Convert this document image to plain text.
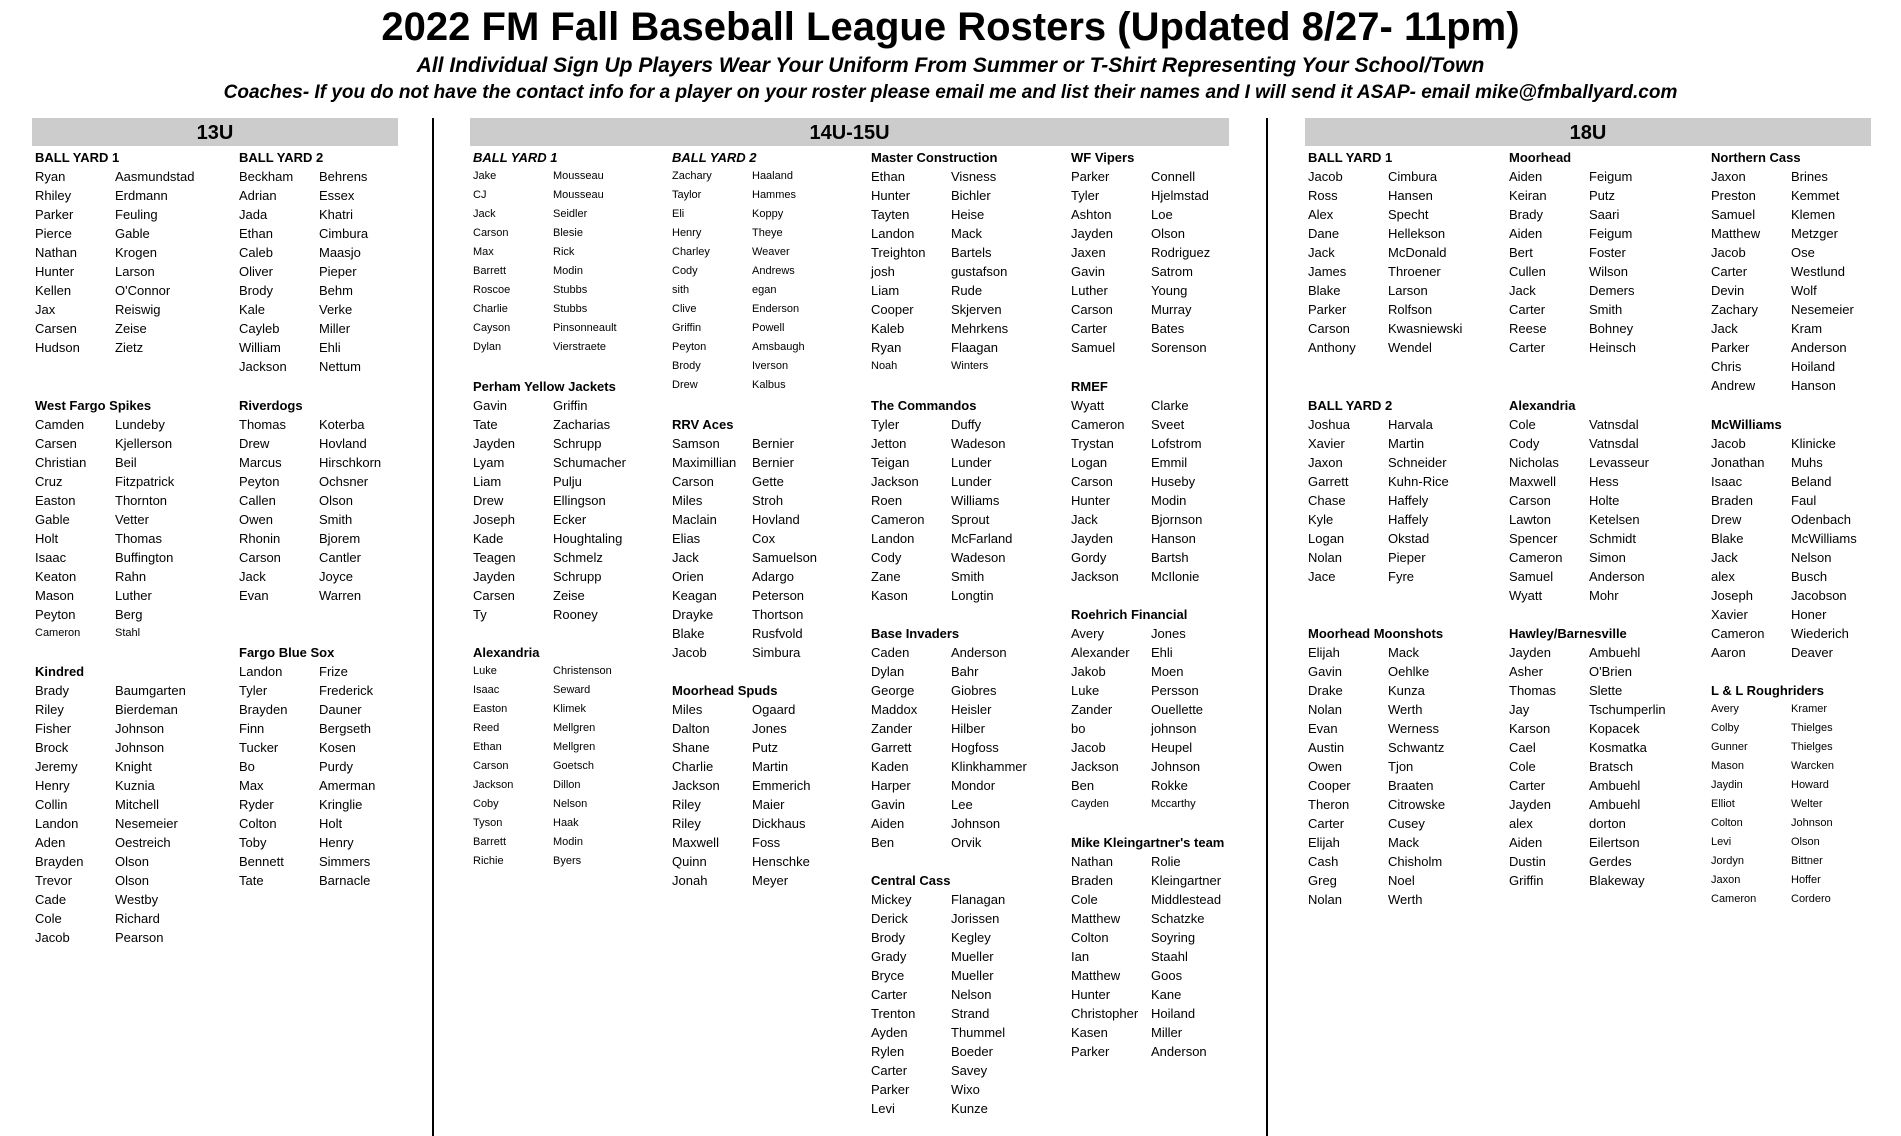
2022 FM Fall Baseball League Rosters (Updated 8/27- 11pm)
All Individual Sign Up Players Wear Your Uniform From Summer or T-Shirt Representing Your School/Town
Coaches- If you do not have the contact info for a player on your roster please email me and list their names and I will send it ASAP- email mike@fmballyard.com
13U	14U-15U	18U
BALL YARD 1
Ryan	Aasmundstad
Rhiley	Erdmann
Parker	Feuling
Pierce	Gable
Nathan	Krogen
Hunter	Larson
Kellen	O'Connor
Jax	Reiswig
Carsen	Zeise
Hudson	Zietz
BALL YARD 2
Beckham	Behrens
Adrian	Essex
Jada	Khatri
Ethan	Cimbura
Caleb	Maasjo
Oliver	Pieper
Brody	Behm
Kale	Verke
Cayleb	Miller
William	Ehli
Jackson	Nettum
West Fargo Spikes
Camden	Lundeby
Carsen	Kjellerson
Christian	Beil
Cruz	Fitzpatrick
Easton	Thornton
Gable	Vetter
Holt	Thomas
Isaac	Buffington
Keaton	Rahn
Mason	Luther
Peyton	Berg
Cameron	Stahl
Riverdogs
Thomas	Koterba
Drew	Hovland
Marcus	Hirschkorn
Peyton	Ochsner
Callen	Olson
Owen	Smith
Rhonin	Bjorem
Carson	Cantler
Jack	Joyce
Evan	Warren
Kindred
Brady	Baumgarten
Riley	Bierdeman
Fisher	Johnson
Brock	Johnson
Jeremy	Knight
Henry	Kuznia
Collin	Mitchell
Landon	Nesemeier
Aden	Oestreich
Brayden	Olson
Trevor	Olson
Cade	Westby
Cole	Richard
Jacob	Pearson
Fargo Blue Sox
Landon	Frize
Tyler	Frederick
Brayden	Dauner
Finn	Bergseth
Tucker	Kosen
Bo	Purdy
Max	Amerman
Ryder	Kringlie
Colton	Holt
Toby	Henry
Bennett	Simmers
Tate	Barnacle
BALL YARD 1
Jake	Mousseau
CJ	Mousseau
Jack	Seidler
Carson	Blesie
Max	Rick
Barrett	Modin
Roscoe	Stubbs
Charlie	Stubbs
Cayson	Pinsonneault
Dylan	Vierstraete
BALL YARD 2
Zachary	Haaland
Taylor	Hammes
Eli	Koppy
Henry	Theye
Charley	Weaver
Cody	Andrews
sith	egan
Clive	Enderson
Griffin	Powell
Peyton	Amsbaugh
Brody	Iverson
Drew	Kalbus
Master Construction
Ethan	Visness
Hunter	Bichler
Tayten	Heise
Landon	Mack
Treighton	Bartels
josh	gustafson
Liam	Rude
Cooper	Skjerven
Kaleb	Mehrkens
Ryan	Flaagan
Noah	Winters
WF Vipers
Parker	Connell
Tyler	Hjelmstad
Ashton	Loe
Jayden	Olson
Jaxen	Rodriguez
Gavin	Satrom
Luther	Young
Carson	Murray
Carter	Bates
Samuel	Sorenson
Perham Yellow Jackets
Gavin	Griffin
Tate	Zacharias
Jayden	Schrupp
Lyam	Schumacher
Liam	Pulju
Drew	Ellingson
Joseph	Ecker
Kade	Houghtaling
Teagen	Schmelz
Jayden	Schrupp
Carsen	Zeise
Ty	Rooney
RRV Aces
Samson	Bernier
Maximillian	Bernier
Carson	Gette
Miles	Stroh
Maclain	Hovland
Elias	Cox
Jack	Samuelson
Orien	Adargo
Keagan	Peterson
Drayke	Thortson
Blake	Rusfvold
Jacob	Simbura
The Commandos
Tyler	Duffy
Jetton	Wadeson
Teigan	Lunder
Jackson	Lunder
Roen	Williams
Cameron	Sprout
Landon	McFarland
Cody	Wadeson
Zane	Smith
Kason	Longtin
RMEF
Wyatt	Clarke
Cameron	Sveet
Trystan	Lofstrom
Logan	Emmil
Carson	Huseby
Hunter	Modin
Jack	Bjornson
Jayden	Hanson
Gordy	Bartsh
Jackson	McIlonie
Alexandria
Luke	Christenson
Isaac	Seward
Easton	Klimek
Reed	Mellgren
Ethan	Mellgren
Carson	Goetsch
Jackson	Dillon
Coby	Nelson
Tyson	Haak
Barrett	Modin
Richie	Byers
Moorhead Spuds
Miles	Ogaard
Dalton	Jones
Shane	Putz
Charlie	Martin
Jackson	Emmerich
Riley	Maier
Riley	Dickhaus
Maxwell	Foss
Quinn	Henschke
Jonah	Meyer
Base Invaders
Caden	Anderson
Dylan	Bahr
George	Giobres
Maddox	Heisler
Zander	Hilber
Garrett	Hogfoss
Kaden	Klinkhammer
Harper	Mondor
Gavin	Lee
Aiden	Johnson
Ben	Orvik
Roehrich Financial
Avery	Jones
Alexander	Ehli
Jakob	Moen
Luke	Persson
Zander	Ouellette
bo	johnson
Jacob	Heupel
Jackson	Johnson
Ben	Rokke
Cayden	Mccarthy
Central Cass
Mickey	Flanagan
Derick	Jorissen
Brody	Kegley
Grady	Mueller
Bryce	Mueller
Carter	Nelson
Trenton	Strand
Ayden	Thummel
Rylen	Boeder
Carter	Savey
Parker	Wixo
Levi	Kunze
Mike Kleingartner's team
Nathan	Rolie
Braden	Kleingartner
Cole	Middlestead
Matthew	Schatzke
Colton	Soyring
Ian	Staahl
Matthew	Goos
Hunter	Kane
Christopher Hoiland
Kasen	Miller
Parker	Anderson
BALL YARD 1
Jacob	Cimbura
Ross	Hansen
Alex	Specht
Dane	Hellekson
Jack	McDonald
James	Throener
Blake	Larson
Parker	Rolfson
Carson	Kwasniewski
Anthony	Wendel
Moorhead
Aiden	Feigum
Keiran	Putz
Brady	Saari
Aiden	Feigum
Bert	Foster
Cullen	Wilson
Jack	Demers
Carter	Smith
Reese	Bohney
Carter	Heinsch
Northern Cass
Jaxon	Brines
Preston	Kemmet
Samuel	Klemen
Matthew	Metzger
Jacob	Ose
Carter	Westlund
Devin	Wolf
Zachary	Nesemeier
Jack	Kram
Parker	Anderson
Chris	Hoiland
Andrew	Hanson
BALL YARD 2
Joshua	Harvala
Xavier	Martin
Jaxon	Schneider
Garrett	Kuhn-Rice
Chase	Haffely
Kyle	Haffely
Logan	Okstad
Nolan	Pieper
Jace	Fyre
Alexandria
Cole	Vatnsdal
Cody	Vatnsdal
Nicholas	Levasseur
Maxwell	Hess
Carson	Holte
Lawton	Ketelsen
Spencer	Schmidt
Cameron	Simon
Samuel	Anderson
Wyatt	Mohr
McWilliams
Jacob	Klinicke
Jonathan	Muhs
Isaac	Beland
Braden	Faul
Drew	Odenbach
Blake	McWilliams
Jack	Nelson
alex	Busch
Joseph	Jacobson
Xavier	Honer
Cameron	Wiederich
Aaron	Deaver
Moorhead Moonshots
Elijah	Mack
Gavin	Oehlke
Drake	Kunza
Nolan	Werth
Evan	Werness
Austin	Schwantz
Owen	Tjon
Cooper	Braaten
Theron	Citrowske
Carter	Cusey
Elijah	Mack
Cash	Chisholm
Greg	Noel
Nolan	Werth
Hawley/Barnesville
Jayden	Ambuehl
Asher	O'Brien
Thomas	Slette
Jay	Tschumperlin
Karson	Kopacek
Cael	Kosmatka
Cole	Bratsch
Carter	Ambuehl
Jayden	Ambuehl
alex	dorton
Aiden	Eilertson
Dustin	Gerdes
Griffin	Blakeway
L & L Roughriders
Avery	Kramer
Colby	Thielges
Gunner	Thielges
Mason	Warcken
Jaydin	Howard
Elliot	Welter
Colton	Johnson
Levi	Olson
Jordyn	Bittner
Jaxon	Hoffer
Cameron	Cordero
